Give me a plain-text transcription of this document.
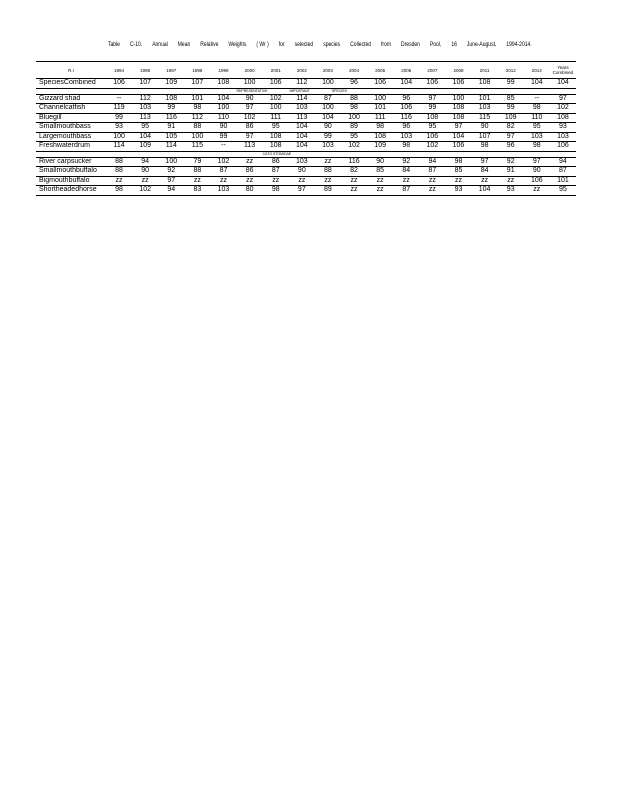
Table C-10. Annual Mean Relative Weights ( Wr ) for selected species Collected from Dresden Pool, 16 June-August, 1994-2014.
R.I	1994	1995	1997	1998	1999	2000	2001	2002	2003	2004	2005	2006	2007	2008	2011	2012	2014	Years Combined
SpeciesCombined	106	107	109	107	108	100	106	112	100	96	106	104	106	106	108	99	104	104
						REPRESENTATIVE IMPORTANT SPECIES												
Gizzard shad	--	112	108	101	104	90	102	114	87	88	100	96	97	100	101	85	--	97
Channelcatfish	119	103	99	98	100	97	100	103	100	98	101	106	99	108	103	99	98	102
Bluegill	99	113	116	112	110	102	111	113	104	100	111	116	108	108	115	109	110	108
Smallmouthbass	93	95	91	88	90	86	95	104	90	89	98	96	95	97	90	82	95	93
Largemouthbass	100	104	105	100	99	97	108	104	99	95	108	103	106	104	107	97	103	103
Freshwaterdrum	114	109	114	115	--	113	108	104	103	102	109	98	102	106	98	96	98	106
							CATO STOMIDAE											
River carpsucker	88	94	100	79	102	zz	86	103	zz	116	90	92	94	98	97	92	97	94
Smallmouthbuffalo	88	90	92	88	87	86	87	90	88	82	85	84	87	85	84	91	90	87
Bigmouthbuffalo	zz	zz	97	zz	zz	zz	zz	zz	zz	zz	zz	zz	zz	zz	zz	zz	106	101
Shortheadedhorse	98	102	94	83	103	80	98	97	89	zz	zz	87	zz	93	104	93	zz	95
